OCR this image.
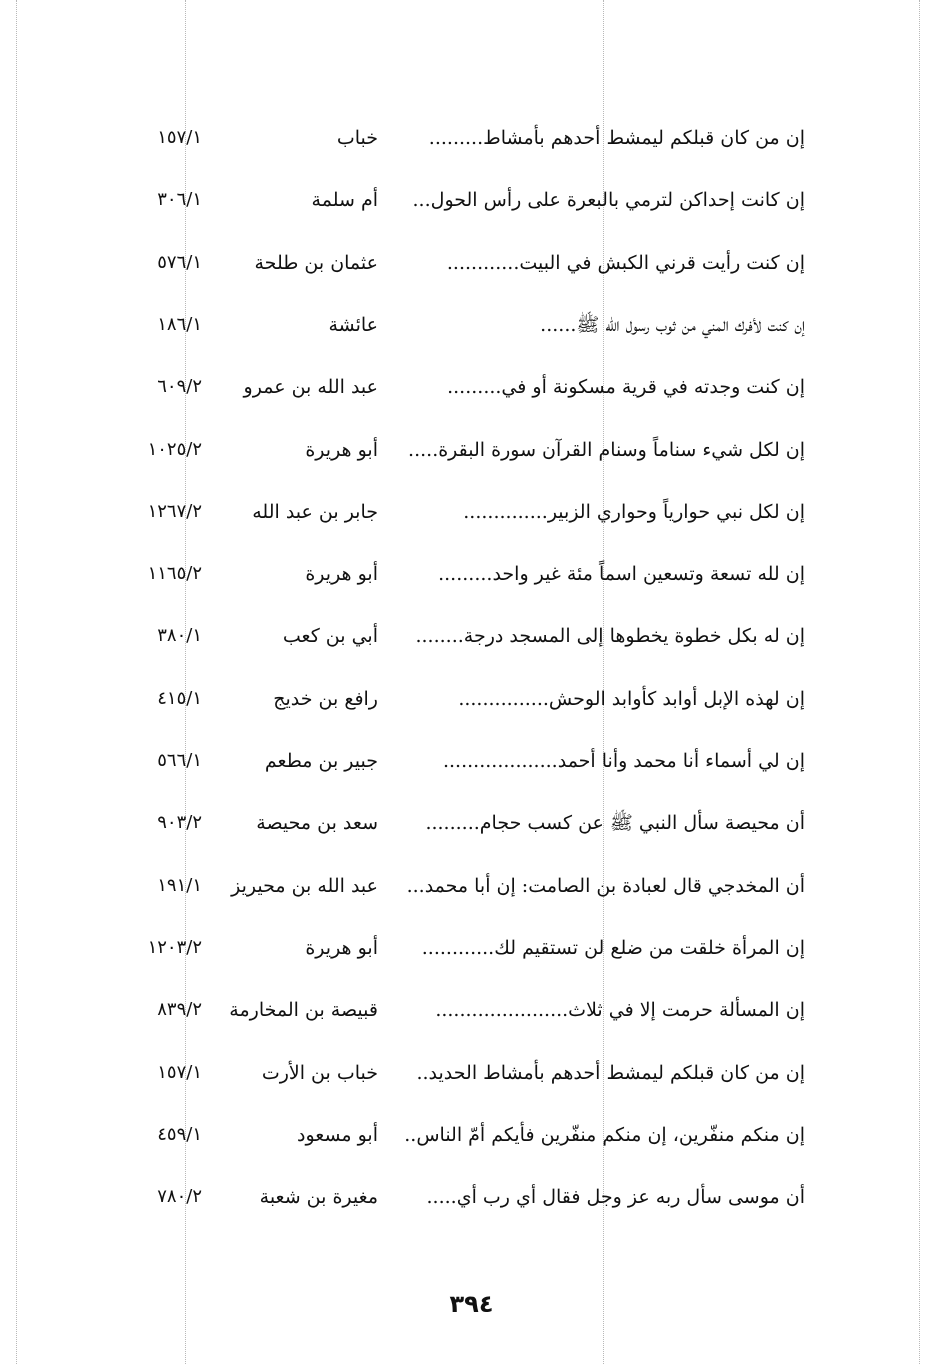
إن من كان قبلكم ليمشط أحدهم بأمشاط.........
خباب
١٥٧/١
إن كانت إحداكن لترمي بالبعرة على رأس الحول...
أم سلمة
٣٠٦/١
إن كنت رأيت قرني الكبش في البيت............
عثمان بن طلحة
٥٧٦/١
إن كنت لأفرك المني من ثوب رسول الله ﷺ......
عائشة
١٨٦/١
إن كنت وجدته في قرية مسكونة أو في.........
عبد الله بن عمرو
٦٠٩/٢
إن لكل شيء سناماً وسنام القرآن سورة البقرة.....
أبو هريرة
١٠٢٥/٢
إن لكل نبي حوارياً وحواري الزبير..............
جابر بن عبد الله
١٢٦٧/٢
إن لله تسعة وتسعين اسماً مئة غير واحد.........
أبو هريرة
١١٦٥/٢
إن له بكل خطوة يخطوها إلى المسجد درجة........
أبي بن كعب
٣٨٠/١
إن لهذه الإبل أوابد كأوابد الوحش...............
رافع بن خديج
٤١٥/١
إن لي أسماء أنا محمد وأنا أحمد...................
جبير بن مطعم
٥٦٦/١
أن محيصة سأل النبي ﷺ عن كسب حجام.........
سعد بن محيصة
٩٠٣/٢
أن المخدجي قال لعبادة بن الصامت: إن أبا محمد...
عبد الله بن محيريز
١٩١/١
إن المرأة خلقت من ضلع لن تستقيم لك............
أبو هريرة
١٢٠٣/٢
إن المسألة حرمت إلا في ثلاث......................
قبيصة بن المخارمة
٨٣٩/٢
إن من كان قبلكم ليمشط أحدهم بأمشاط الحديد..
خباب بن الأرت
١٥٧/١
إن منكم منفّرين، إن منكم منفّرين فأيكم أمّ الناس..
أبو مسعود
٤٥٩/١
أن موسى سأل ربه عز وجل فقال أي رب أي.....
مغيرة بن شعبة
٧٨٠/٢
٣٩٤
